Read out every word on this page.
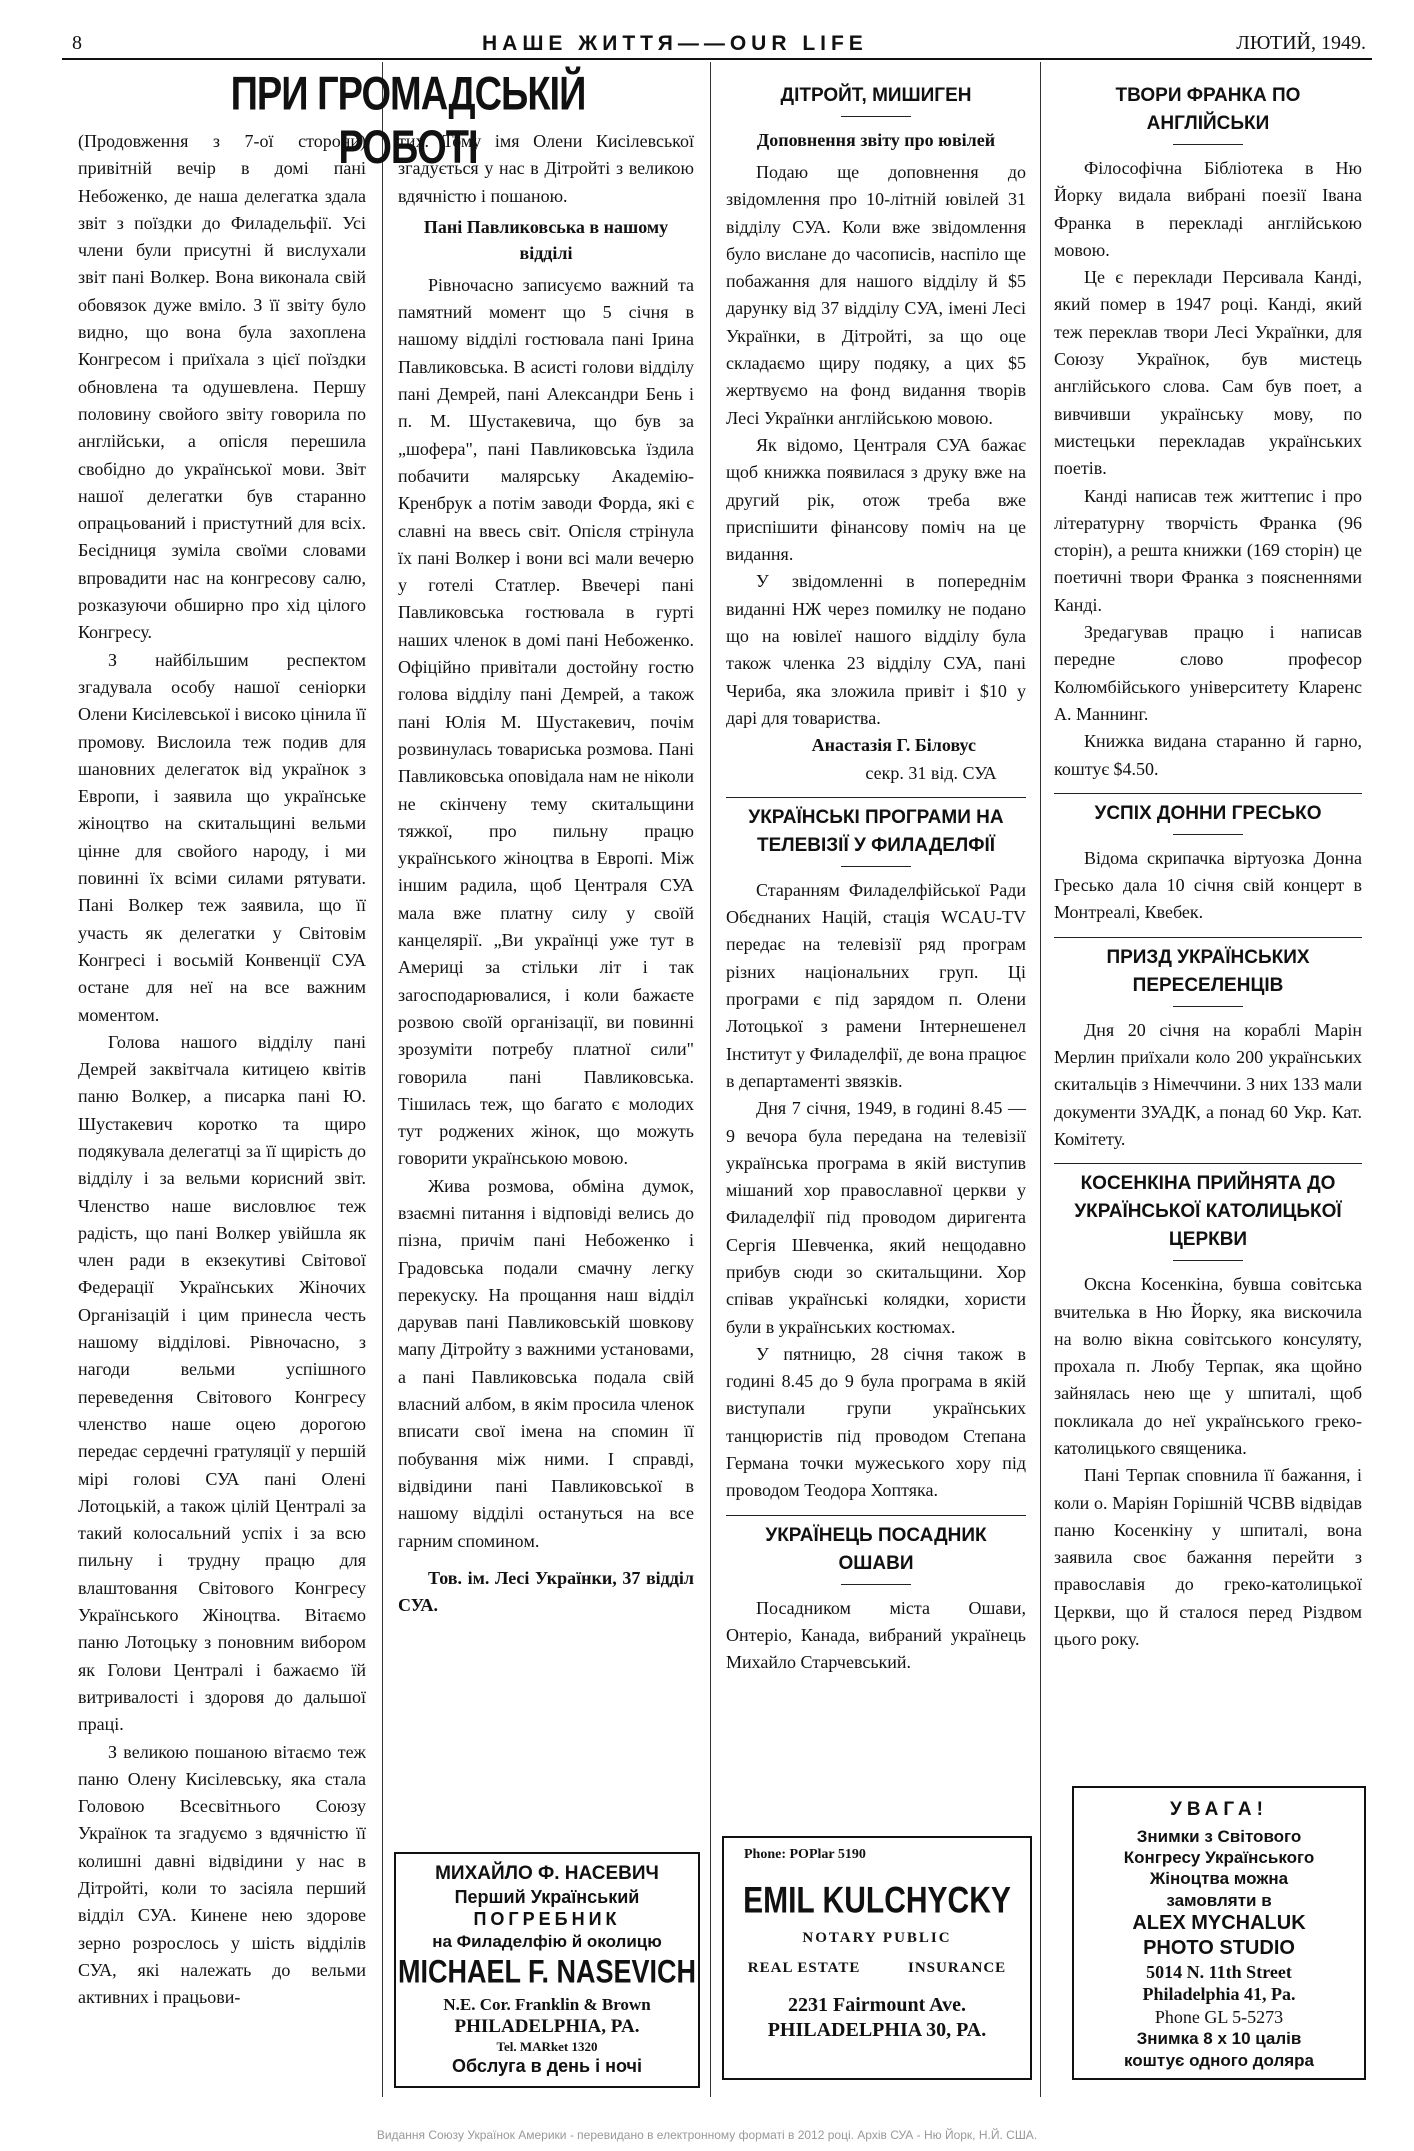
8	НАШЕ ЖИТТЯ——OUR LIFE	ЛЮТИЙ, 1949.
ПРИ ГРОМАДСЬКІЙ РОБОТІ

(Продовження з 7-ої сторони) привітній вечір в домі пані Небоженко, де наша делегатка здала звіт з поїздки до Филадельфії. Усі члени були присутні й вислухали звіт пані Волкер. Вона виконала свій обовязок дуже вміло. З її звіту було видно, що вона була захоплена Конгресом і приїхала з цієї поїздки обновлена та одушевлена. Першу половину свойого звіту говорила по англійськи, а опісля перешила свобідно до української мови. Звіт нашої делегатки був старанно опрацьований і пристутний для всіх. Бесідниця зуміла своїми словами впровадити нас на конгресову салю, розказуючи обширно про хід цілого Конгресу.

З найбільшим респектом згадувала особу нашої сеніорки Олени Кисілевської і високо цінила її промову. Вислоила теж подив для шановних делегаток від українок з Европи, і заявила що українське жіноцтво на скитальщині вельми цінне для свойого народу, і ми повинні їх всіми силами рятувати. Пані Волкер теж заявила, що її участь як делегатки у Світовім Конгресі і восьмій Конвенції СУА остане для неї на все важним моментом.

Голова нашого відділу пані Демрей заквітчала китицею квітів паню Волкер, а писарка пані Ю. Шустакевич коротко та щиро подякувала делегатці за її щирість до відділу і за вельми корисний звіт. Членство наше висловлює теж радість, що пані Волкер увійшла як член ради в екзекутиві Світової Федерації Українських Жіночих Організацій і цим принесла честь нашому відділові. Рівночасно, з нагоди вельми успішного переведення Світового Конгресу членство наше оцею дорогою передає сердечні гратуляції у першій мірі голові СУА пані Олені Лотоцькій, а також цілій Централі за такий колосальний успіх і за всю пильну і трудну працю для влаштовання Світового Конгресу Українського Жіноцтва. Вітаємо паню Лотоцьку з поновним вибором як Голови Централі і бажаємо їй витривалості і здоровя до дальшої праці.

З великою пошаною вітаємо теж паню Олену Кисілевську, яка стала Головою Всесвітнього Союзу Українок та згадуємо з вдячністю її колишні давні відвідини у нас в Дітройті, коли то засіяла перший відділ СУА. Кинене нею здорове зерно розрослось у шість відділів СУА, які належать до вельми активних і працьови-

тих. Тому імя Олени Кисілевської згадується у нас в Дітройті з великою вдячністю і пошаною.

Пані Павликовська в нашому відділі

Рівночасно записуємо важний та памятний момент що 5 січня в нашому відділі гостювала пані Ірина Павликовська. В асисті голови відділу пані Демрей, пані Александри Бень і п. М. Шустакевича, що був за „шофера", пані Павликовська їздила побачити малярську Академію-Кренбрук а потім заводи Форда, які є славні на ввесь світ. Опісля стрінула їх пані Волкер і вони всі мали вечерю у готелі Статлер. Ввечері пані Павликовська гостювала в гурті наших членок в домі пані Небоженко. Офіційно привітали достойну гостю голова відділу пані Демрей, а також пані Юлія М. Шустакевич, почім розвинулась товариська розмова. Пані Павликовська оповідала нам не ніколи не скінчену тему скитальщини тяжкої, про пильну працю українського жіноцтва в Европі. Між іншим радила, щоб Централя СУА мала вже платну силу у своїй канцелярії. „Ви українці уже тут в Америці за стільки літ і так загосподарювалися, і коли бажаєте розвою своїй організації, ви повинні зрозуміти потребу платної сили" говорила пані Павликовська. Тішилась теж, що багато є молодих тут роджених жінок, що можуть говорити українською мовою.

Жива розмова, обміна думок, взаємні питання і відповіді велись до пізна, причім пані Небоженко і Градовська подали смачну легку перекуску. На прощання наш відділ дарував пані Павликовській шовкову мапу Дітройту з важними установами, а пані Павликовська подала свій власний албом, в якім просила членок вписати свої імена на спомин її побування між ними. І справді, відвідини пані Павликовської в нашому відділі остануться на все гарним споминoм.

Тов. ім. Лесі Українки, 37 відділ СУА.

МИХАЙЛО Ф. НАСЕВИЧ

Перший Український

ПОГРЕБНИК

на Филаделфію й околицю

MICHAEL F. NASEVICH

N.E. Cor. Franklin & Brown

PHILADELPHIA, PA.

Tel. MARket 1320

Обслуга в день і ночі

ДІТРОЙТ, МИШИГЕН
Доповнення звіту про ювілей

Подаю ще доповнення до звідомлення про 10-літній ювілей 31 відділу СУА. Коли вже звідомлення було вислане до часописів, наспіло ще побажання для нашого відділу й $5 дарунку від 37 відділу СУА, імені Лесі Українки, в Дітройті, за що оце складаємо щиру подяку, а цих $5 жертвуємо на фонд видання творів Лесі Українки англійською мовою.

Як відомо, Централя СУА бажає щоб книжка появилася з друку вже на другий рік, отож треба вже приспішити фінансову поміч на це видання.

У звідомленні в попереднім виданні НЖ через помилку не подано що на ювілеї нашого відділу була також членка 23 відділу СУА, пані Чериба, яка зложила привіт і $10 у дарі для товариства.

Анастазія Г. Біловус

секр. 31 від. СУА

УКРАЇНСЬКІ ПРОГРАМИ НА ТЕЛЕВІЗІЇ У ФИЛАДЕЛФІЇ

Старанням Филаделфійської Ради Обєднаних Націй, стація WCAU-TV передає на телевізії ряд програм різних національних груп. Ці програми є під зарядом п. Олени Лотоцької з рамени Інтернешенел Інститут у Филаделфії, де вона працює в департаменті звязків.

Дня 7 січня, 1949, в годині 8.45 — 9 вечора була передана на телевізії українська програма в якій виступив мішаний хор православної церкви у Филаделфії під проводом диригента Сергія Шевченка, який нещодавно прибув сюди зо скитальщини. Хор співав українські колядки, хористи були в українських костюмах.

У пятницю, 28 січня також в годині 8.45 до 9 була програма в якій виступали групи українських танцюристів під проводом Степана Германа точки мужеського хору під проводом Теодора Хоптяка.

УКРАЇНЕЦЬ ПОСАДНИК ОШАВИ

Посадником міста Ошави, Онтеріо, Канада, вибраний українець Михайло Старчевський.

Phone: POPlar 5190

EMIL KULCHYCKY

NOTARY PUBLIC

REAL ESTATE	INSURANCE

2231 Fairmount Ave.

PHILADELPHIA 30, PA.

ТВОРИ ФРАНКА ПО АНГЛІЙСЬКИ

Філософічна Бібліотека в Ню Йорку видала вибрані поезії Івана Франка в перекладі англійською мовою.

Це є переклади Персивала Канді, який помер в 1947 році. Канді, який теж переклав твори Лесі Українки, для Союзу Українок, був мистець англійського слова. Сам був поет, а вивчивши українську мову, по мистецьки перекладав українських поетів.

Канді написав теж життепис і про літературну творчість Франка (96 сторін), а решта книжки (169 сторін) це поетичні твори Франка з поясненнями Канді.

Зредагував працю і написав передне слово професор Колюмбійського університету Кларенс А. Маннинг.

Книжка видана старанно й гарно, коштує $4.50.

УСПІХ ДОННИ ГРЕСЬКО

Відома скрипачка віртуозка Донна Гресько дала 10 січня свій концерт в Монтреалі, Квебек.

ПРИЗД УКРАЇНСЬКИХ ПЕРЕСЕЛЕНЦІВ

Дня 20 січня на кораблі Марін Мерлин приїхали коло 200 українських скитальців з Німеччини. З них 133 мали документи ЗУАДК, а понад 60 Укр. Кат. Комітету.

КОСЕНКІНА ПРИЙНЯТА ДО УКРАЇНСЬКОЇ КАТОЛИЦЬКОЇ ЦЕРКВИ

Оксна Косенкіна, бувша совітська вчителька в Ню Йорку, яка вискочила на волю вікна совітського консуляту, прохала п. Любу Терпак, яка щойно зайнялась нею ще у шпиталі, щоб покликала до неї українського греко-католицького священика.

Пані Терпак сповнила її бажання, і коли о. Маріян Горішній ЧСВВ відвідав паню Косенкіну у шпиталі, вона заявила своє бажання перейти з православія до греко-католицької Церкви, що й сталося перед Різдвом цього року.

УВАГА!

Знимки з Світового

Конгресу Українського

Жіноцтва можна

замовляти в

ALEX MYCHALUK

PHOTO STUDIO

5014 N. 11th Street

Philadelphia 41, Pa.

Phone GL 5-5273

Знимка 8 x 10 цалів

коштує одного доляра

Видання Союзу Українок Америки - перевидано в електронному форматі в 2012 році. Архів СУА - Ню Йорк, Н.Й. США.
